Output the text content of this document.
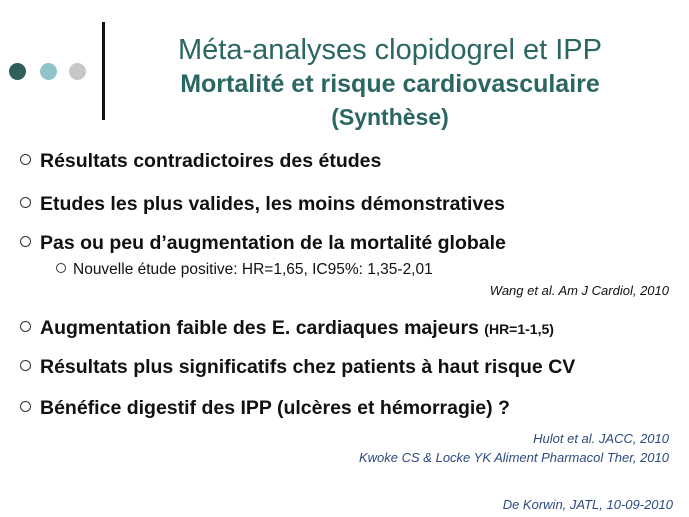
Méta-analyses clopidogrel et IPP
Mortalité et risque cardiovasculaire
(Synthèse)
Résultats contradictoires des études
Etudes les plus valides, les moins démonstratives
Pas ou peu d’augmentation de la mortalité globale
Nouvelle étude positive: HR=1,65, IC95%: 1,35-2,01
Wang et al. Am J Cardiol, 2010
Augmentation faible des E. cardiaques majeurs (HR=1-1,5)
Résultats plus significatifs chez patients à haut risque CV
Bénéfice digestif des IPP (ulcères et hémorragie) ?
Hulot et al. JACC, 2010
Kwoke CS & Locke YK Aliment Pharmacol Ther, 2010
De Korwin, JATL, 10-09-2010
